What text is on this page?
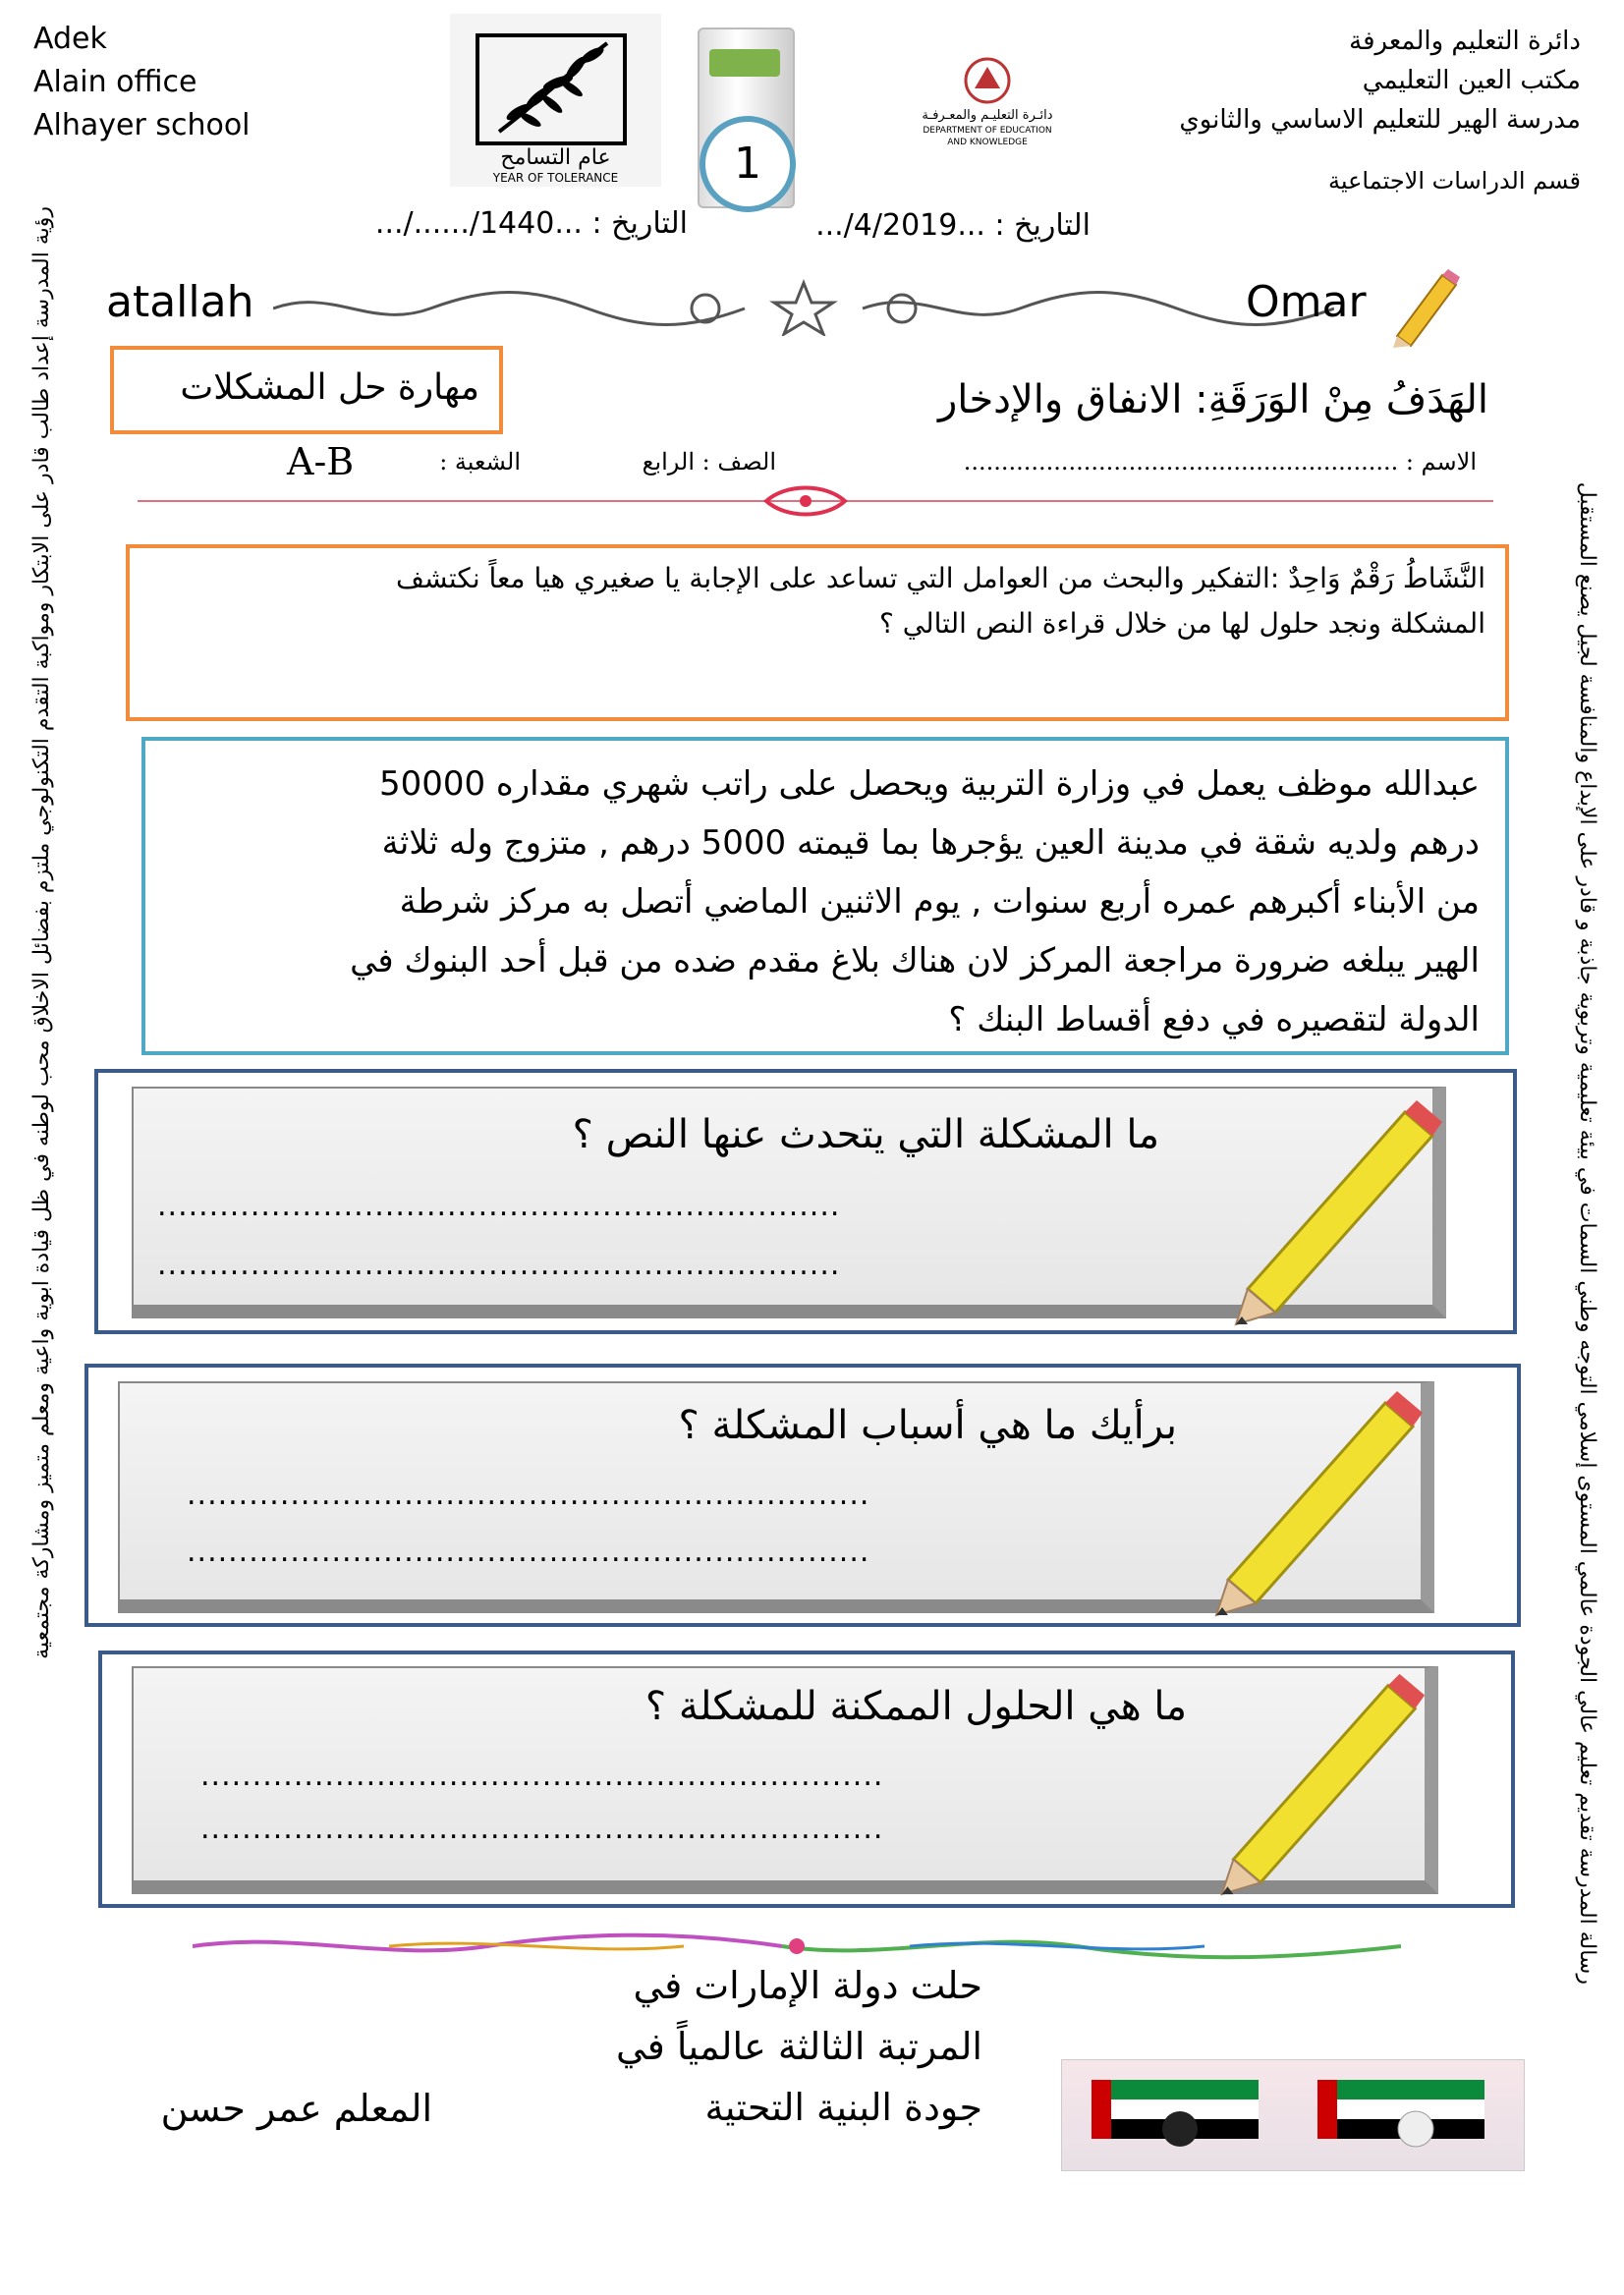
Adek
Alain office
Alhayer school
عام التسامح
YEAR OF TOLERANCE	1
دائـرة التعليـم والمعـرفـة
DEPARTMENT OF EDUCATION
AND KNOWLEDGE
دائرة التعليم والمعرفة
مكتب العين التعليمي
مدرسة الهير للتعليم الاساسي والثانوي
قسم الدراسات الاجتماعية
التاريخ : ...1440/....../...	التاريخ : ...4/2019/...
atallah	Omar
مهارة حل المشكلات	الهَدَفُ مِنْ الوَرَقَةِ: الانفاق والإدخار
الاسم : ..........................................................
الصف : الرابع
الشعبة :
A-B
النَّشَاطُ رَقْمٌ وَاحِدٌ :التفكير والبحث من العوامل التي تساعد على الإجابة يا صغيري هيا معاً نكتشف
المشكلة ونجد حلول لها من خلال قراءة النص التالي ؟
عبدالله موظف يعمل في وزارة التربية ويحصل على راتب شهري مقداره 50000
درهم ولديه شقة في مدينة العين يؤجرها بما قيمته 5000 درهم , متزوج وله ثلاثة
من الأبناء أكبرهم عمره أربع سنوات , يوم الاثنين الماضي أتصل به مركز شرطة
الهير يبلغه ضرورة مراجعة المركز لان هناك بلاغ مقدم ضده من قبل أحد البنوك في
الدولة لتقصيره في دفع أقساط البنك ؟
ما المشكلة التي يتحدث عنها النص ؟
..................................................................
..................................................................
برأيك ما هي أسباب المشكلة ؟
..................................................................
..................................................................
ما هي الحلول الممكنة للمشكلة ؟
..................................................................
..................................................................
حلت دولة الإمارات في
المرتبة الثالثة عالمياً في
جودة البنية التحتية
المعلم عمر حسن
رؤية المدرسة إعداد طالب قادر على الابتكار ومواكبة التقدم التكنولوجي ملتزم بفضائل الاخلاق محب لوطنه في ظل قيادة ابوية واعية ومعلم متميز ومشاركة مجتمعية	رسالة المدرسة تقديم تعليم عالي الجودة عالمي المستوى إسلامي التوجه وطني السمات في بيئة تعليمية وتربوية جاذبة و قادر على الإبداع والمنافسة لجيل يصنع المستقبل
